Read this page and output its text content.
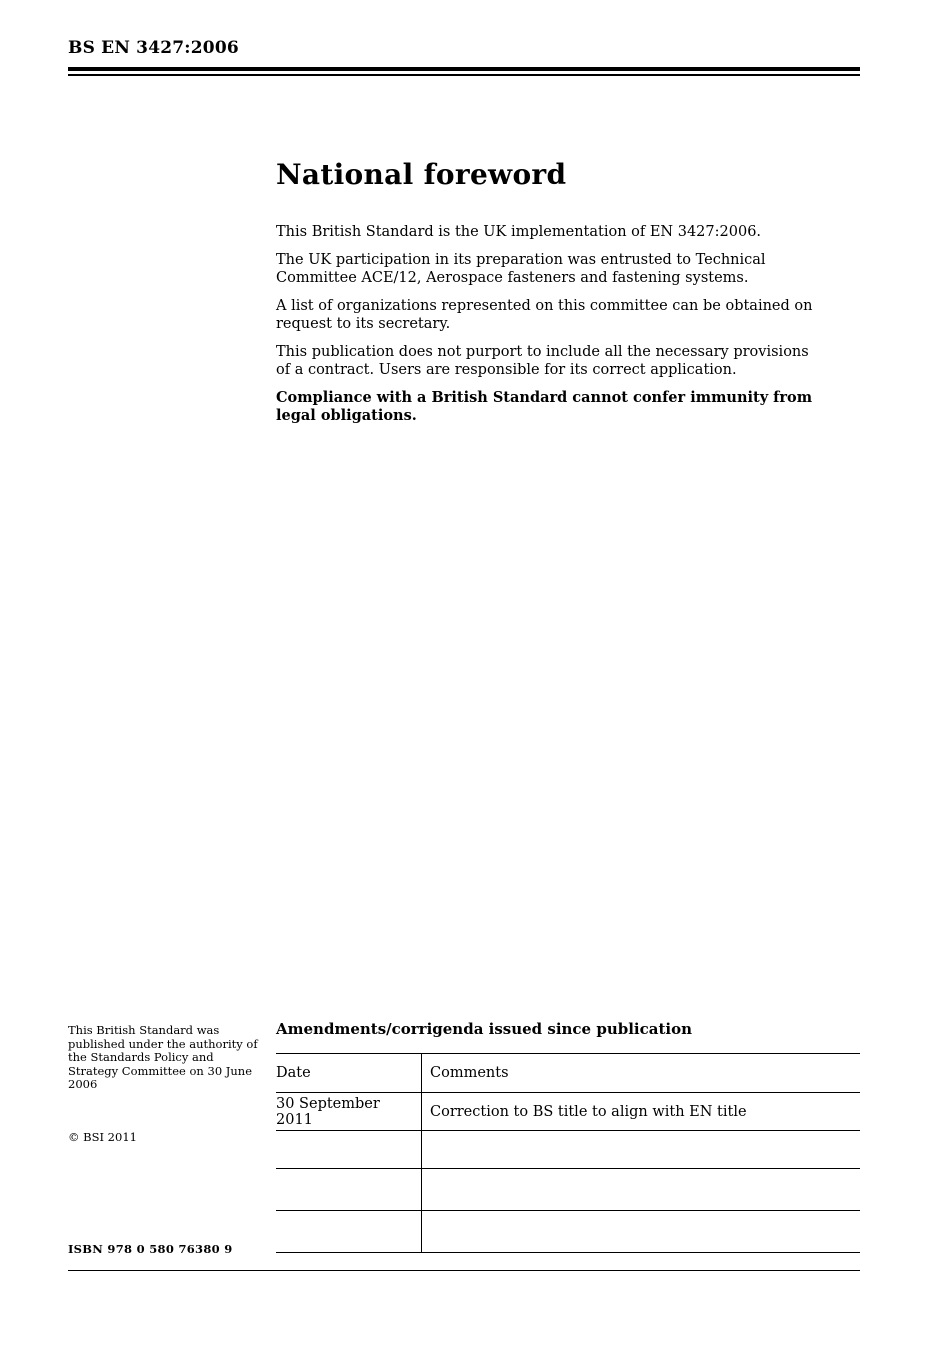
BS EN 3427:2006
National foreword

This British Standard is the UK implementation of EN 3427:2006.

The UK participation in its preparation was entrusted to Technical Committee ACE/12, Aerospace fasteners and fastening systems.

A list of organizations represented on this committee can be obtained on request to its secretary.

This publication does not purport to include all the necessary provisions of a contract. Users are responsible for its correct application.

Compliance with a British Standard cannot confer immunity from legal obligations.

This British Standard was published under the authority of the Standards Policy and Strategy Committee on 30 June 2006
© BSI 2011
ISBN 978 0 580 76380 9
Amendments/corrigenda issued since publication
Date	Comments
30 September 2011	Correction to BS title to align with EN title
